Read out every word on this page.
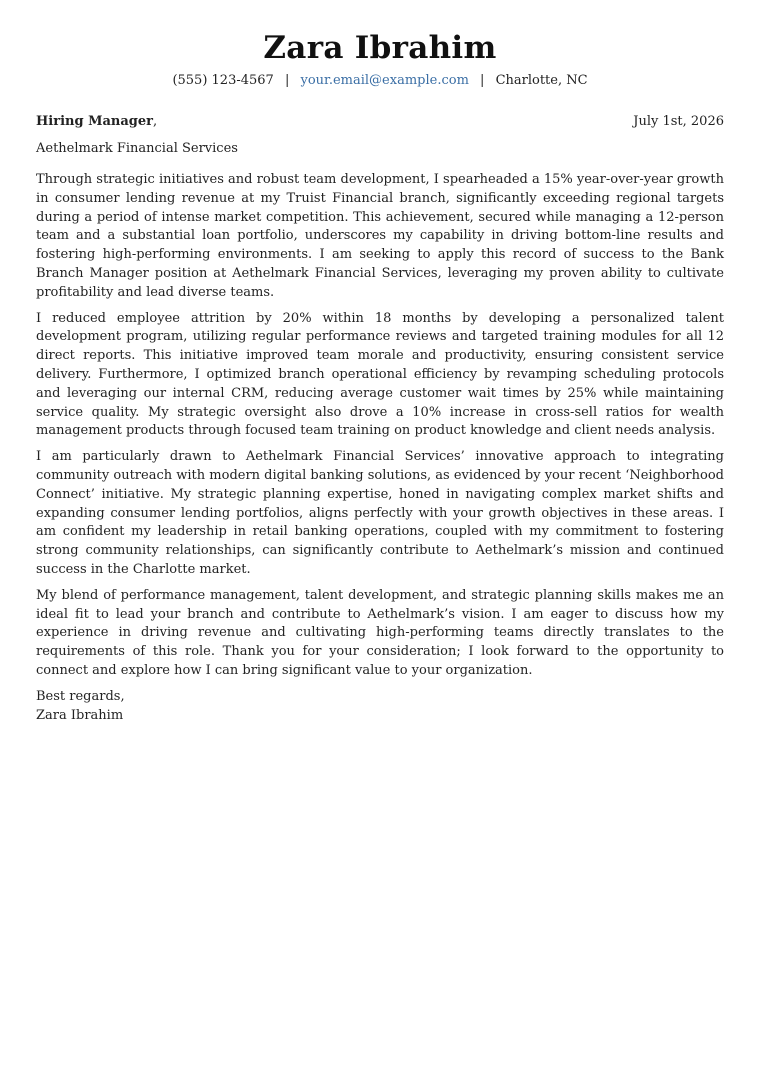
Zara Ibrahim
(555) 123-4567 | your.email@example.com | Charlotte, NC
Hiring Manager,	July 1st, 2026
Aethelmark Financial Services

Through strategic initiatives and robust team development, I spearheaded a 15% year-over-year growth in consumer lending revenue at my Truist Financial branch, significantly exceeding regional targets during a period of intense market competition. This achievement, secured while managing a 12-person team and a substantial loan portfolio, underscores my capability in driving bottom-line results and fostering high-performing environments. I am seeking to apply this record of success to the Bank Branch Manager position at Aethelmark Financial Services, leveraging my proven ability to cultivate profitability and lead diverse teams.

I reduced employee attrition by 20% within 18 months by developing a personalized talent development program, utilizing regular performance reviews and targeted training modules for all 12 direct reports. This initiative improved team morale and productivity, ensuring consistent service delivery. Furthermore, I optimized branch operational efficiency by revamping scheduling protocols and leveraging our internal CRM, reducing average customer wait times by 25% while maintaining service quality. My strategic oversight also drove a 10% increase in cross-sell ratios for wealth management products through focused team training on product knowledge and client needs analysis.

I am particularly drawn to Aethelmark Financial Services’ innovative approach to integrating community outreach with modern digital banking solutions, as evidenced by your recent ‘Neighborhood Connect’ initiative. My strategic planning expertise, honed in navigating complex market shifts and expanding consumer lending portfolios, aligns perfectly with your growth objectives in these areas. I am confident my leadership in retail banking operations, coupled with my commitment to fostering strong community relationships, can significantly contribute to Aethelmark’s mission and continued success in the Charlotte market.

My blend of performance management, talent development, and strategic planning skills makes me an ideal fit to lead your branch and contribute to Aethelmark’s vision. I am eager to discuss how my experience in driving revenue and cultivating high-performing teams directly translates to the requirements of this role. Thank you for your consideration; I look forward to the opportunity to connect and explore how I can bring significant value to your organization.

Best regards,
Zara Ibrahim
